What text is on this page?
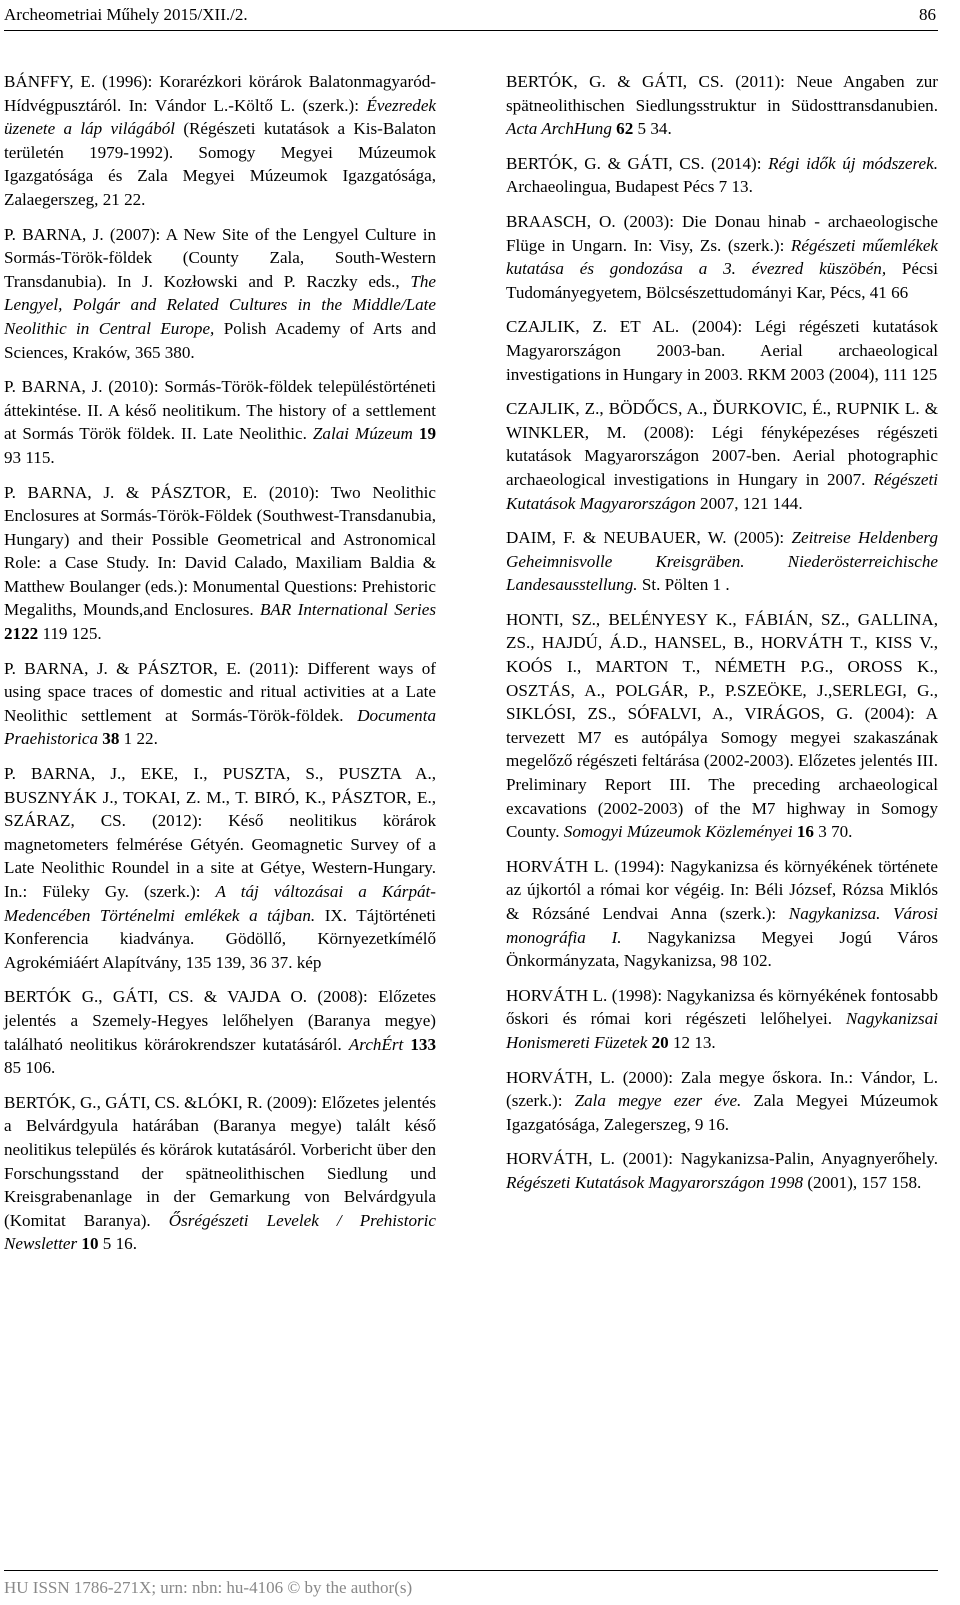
Archeometriai Műhely 2015/XII./2.	86

BÁNFFY, E. (1996): Korarézkori körárok Balatonmagyaród-Hídvégpusztáról. In: Vándor L.-Költő L. (szerk.): Évezredek üzenete a láp világából (Régészeti kutatások a Kis-Balaton területén 1979-1992). Somogy Megyei Múzeumok Igazgatósága és Zala Megyei Múzeumok Igazgatósága, Zalaegerszeg, 21 22.

P. BARNA, J. (2007): A New Site of the Lengyel Culture in Sormás-Török-földek (County Zala, South-Western Transdanubia). In J. Kozłowski and P. Raczky eds., The Lengyel, Polgár and Related Cultures in the Middle/Late Neolithic in Central Europe, Polish Academy of Arts and Sciences, Kraków, 365 380.

P. BARNA, J. (2010): Sormás-Török-földek településtörténeti áttekintése. II. A késő neolitikum. The history of a settlement at Sormás Török földek. II. Late Neolithic. Zalai Múzeum 19 93 115.

P. BARNA, J. & PÁSZTOR, E. (2010): Two Neolithic Enclosures at Sormás-Török-Földek (Southwest-Transdanubia, Hungary) and their Possible Geometrical and Astronomical Role: a Case Study. In: David Calado, Maxiliam Baldia & Matthew Boulanger (eds.): Monumental Questions: Prehistoric Megaliths, Mounds,and Enclosures. BAR International Series 2122 119 125.

P. BARNA, J. & PÁSZTOR, E. (2011): Different ways of using space traces of domestic and ritual activities at a Late Neolithic settlement at Sormás-Török-földek. Documenta Praehistorica 38 1 22.

P. BARNA, J., EKE, I., PUSZTA, S., PUSZTA A., BUSZNYÁK J., TOKAI, Z. M., T. BIRÓ, K., PÁSZTOR, E., SZÁRAZ, CS. (2012): Késő neolitikus körárok magnetometers felmérése Gétyén. Geomagnetic Survey of a Late Neolithic Roundel in a site at Gétye, Western-Hungary. In.: Füleky Gy. (szerk.): A táj változásai a Kárpát-Medencében Történelmi emlékek a tájban. IX. Tájtörténeti Konferencia kiadványa. Gödöllő, Környezetkímélő Agrokémiáért Alapítvány, 135 139, 36 37. kép

BERTÓK G., GÁTI, CS. & VAJDA O. (2008): Előzetes jelentés a Szemely-Hegyes lelőhelyen (Baranya megye) található neolitikus körárokrendszer kutatásáról. ArchÉrt 133 85 106.

BERTÓK, G., GÁTI, CS. &LÓKI, R. (2009): Előzetes jelentés a Belvárdgyula határában (Baranya megye) talált késő neolitikus település és körárok kutatásáról. Vorbericht über den Forschungsstand der spätneolithischen Siedlung und Kreisgrabenanlage in der Gemarkung von Belvárdgyula (Komitat Baranya). Ősrégészeti Levelek / Prehistoric Newsletter 10 5 16.

BERTÓK, G. & GÁTI, CS. (2011): Neue Angaben zur spätneolithischen Siedlungsstruktur in Südosttransdanubien. Acta ArchHung 62 5 34.

BERTÓK, G. & GÁTI, CS. (2014): Régi idők új módszerek. Archaeolingua, Budapest Pécs 7 13.

BRAASCH, O. (2003): Die Donau hinab - archaeologische Flüge in Ungarn. In: Visy, Zs. (szerk.): Régészeti műemlékek kutatása és gondozása a 3. évezred küszöbén, Pécsi Tudományegyetem, Bölcsészettudományi Kar, Pécs, 41 66

CZAJLIK, Z. ET AL. (2004): Légi régészeti kutatások Magyarországon 2003-ban. Aerial archaeological investigations in Hungary in 2003. RKM 2003 (2004), 111 125

CZAJLIK, Z., BÖDŐCS, A., ĎURKOVIC, É., RUPNIK L. & WINKLER, M. (2008): Légi fényképezéses régészeti kutatások Magyarországon 2007-ben. Aerial photographic archaeological investigations in Hungary in 2007. Régészeti Kutatások Magyarországon 2007, 121 144.

DAIM, F. & NEUBAUER, W. (2005): Zeitreise Heldenberg Geheimnisvolle Kreisgräben. Niederösterreichische Landesausstellung. St. Pölten 1 .

HONTI, SZ., BELÉNYESY K., FÁBIÁN, SZ., GALLINA, ZS., HAJDÚ, Á.D., HANSEL, B., HORVÁTH T., KISS V., KOÓS I., MARTON T., NÉMETH P.G., OROSS K., OSZTÁS, A., POLGÁR, P., P.SZEÖKE, J.,SERLEGI, G., SIKLÓSI, ZS., SÓFALVI, A., VIRÁGOS, G. (2004): A tervezett M7 es autópálya Somogy megyei szakaszának megelőző régészeti feltárása (2002-2003). Előzetes jelentés III. Preliminary Report III. The preceding archaeological excavations (2002-2003) of the M7 highway in Somogy County. Somogyi Múzeumok Közleményei 16 3 70.

HORVÁTH L. (1994): Nagykanizsa és környékének története az újkortól a római kor végéig. In: Béli József, Rózsa Miklós & Rózsáné Lendvai Anna (szerk.): Nagykanizsa. Városi monográfia I. Nagykanizsa Megyei Jogú Város Önkormányzata, Nagykanizsa, 98 102.

HORVÁTH L. (1998): Nagykanizsa és környékének fontosabb őskori és római kori régészeti lelőhelyei. Nagykanizsai Honismereti Füzetek 20 12 13.

HORVÁTH, L. (2000): Zala megye őskora. In.: Vándor, L. (szerk.): Zala megye ezer éve. Zala Megyei Múzeumok Igazgatósága, Zalegerszeg, 9 16.

HORVÁTH, L. (2001): Nagykanizsa-Palin, Anyagnyerőhely. Régészeti Kutatások Magyarországon 1998 (2001), 157 158.

HU ISSN 1786-271X; urn: nbn: hu-4106 © by the author(s)
